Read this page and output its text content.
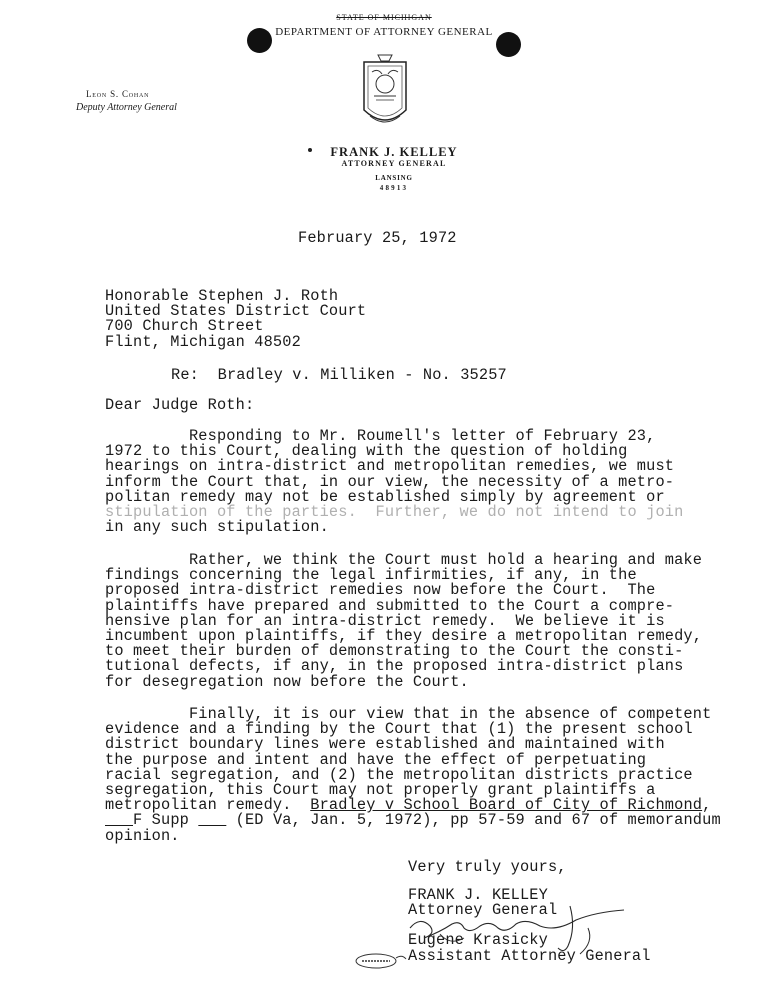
STATE OF MICHIGAN
DEPARTMENT OF ATTORNEY GENERAL
Leon S. Cohan
Deputy Attorney General
FRANK J. KELLEY
ATTORNEY GENERAL
LANSING
48913
February 25, 1972
Honorable Stephen J. Roth
United States District Court
700 Church Street
Flint, Michigan 48502
Re:  Bradley v. Milliken - No. 35257
Dear Judge Roth:
Responding to Mr. Roumell's letter of February 23,
1972 to this Court, dealing with the question of holding
hearings on intra-district and metropolitan remedies, we must
inform the Court that, in our view, the necessity of a metro-
politan remedy may not be established simply by agreement or
stipulation of the parties.  Further, we do not intend to join
in any such stipulation.
Rather, we think the Court must hold a hearing and make
findings concerning the legal infirmities, if any, in the
proposed intra-district remedies now before the Court.  The
plaintiffs have prepared and submitted to the Court a compre-
hensive plan for an intra-district remedy.  We believe it is
incumbent upon plaintiffs, if they desire a metropolitan remedy,
to meet their burden of demonstrating to the Court the consti-
tutional defects, if any, in the proposed intra-district plans
for desegregation now before the Court.
Finally, it is our view that in the absence of competent
evidence and a finding by the Court that (1) the present school
district boundary lines were established and maintained with
the purpose and intent and have the effect of perpetuating
racial segregation, and (2) the metropolitan districts practice
segregation, this Court may not properly grant plaintiffs a
metropolitan remedy.  Bradley v School Board of City of Richmond,
F Supp     (ED Va, Jan. 5, 1972), pp 57-59 and 67 of memorandum
opinion.
Very truly yours,
FRANK J. KELLEY
Attorney General
Eugene Krasicky
Assistant Attorney General
